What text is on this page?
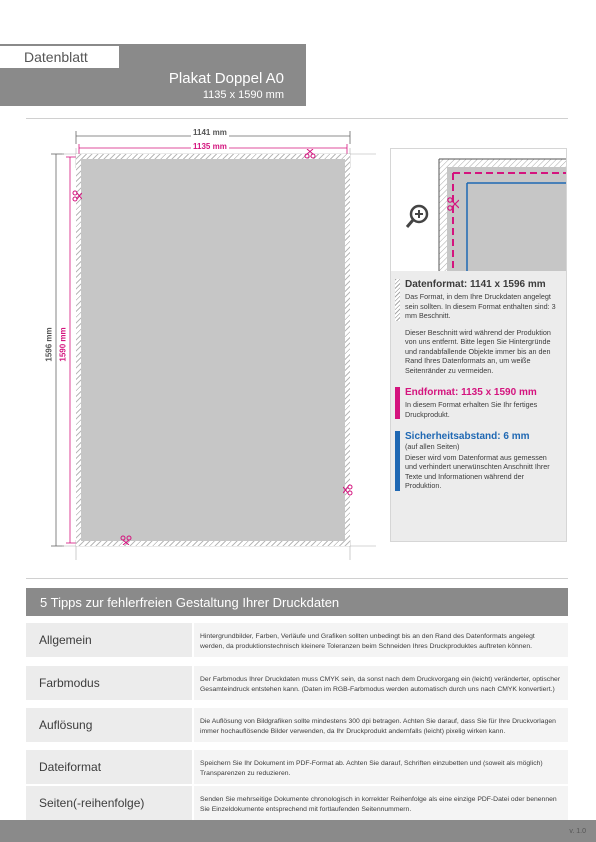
Datenblatt
Plakat Doppel A0
1135 x 1590 mm
1141 mm
1135 mm
1596 mm 1590 mm
Datenformat: 1141 x 1596 mm

Das Format, in dem Ihre Druckdaten angelegt sein sollten. In diesem Format enthalten sind: 3 mm Beschnitt.

Dieser Beschnitt wird während der Produktion von uns entfernt. Bitte legen Sie Hintergründe und randabfallende Objekte immer bis an den Rand Ihres Datenformats an, um weiße Seitenränder zu vermeiden.

Endformat: 1135 x 1590 mm

In diesem Format erhalten Sie Ihr fertiges Druckprodukt.

Sicherheitsabstand: 6 mm

(auf allen Seiten)

Dieser wird vom Datenformat aus gemessen und verhindert unerwünschten Anschnitt Ihrer Texte und Informationen während der Produktion.

5 Tipps zur fehlerfreien Gestaltung Ihrer Druckdaten
Allgemein	Hintergrundbilder, Farben, Verläufe und Grafiken sollten unbedingt bis an den Rand des Datenformats angelegt werden, da produktionstechnisch kleinere Toleranzen beim Schneiden Ihres Druckproduktes auftreten können.
Farbmodus	Der Farbmodus Ihrer Druckdaten muss CMYK sein, da sonst nach dem Druckvorgang ein (leicht) veränderter, optischer Gesamteindruck entstehen kann. (Daten im RGB-Farbmodus werden automatisch durch uns nach CMYK konvertiert.)
Auflösung	Die Auflösung von Bildgrafiken sollte mindestens 300 dpi betragen. Achten Sie darauf, dass Sie für Ihre Druckvorlagen immer hochauflösende Bilder verwenden, da Ihr Druckprodukt andernfalls (leicht) pixelig wirken kann.
Dateiformat	Speichern Sie Ihr Dokument im PDF-Format ab. Achten Sie darauf, Schriften einzubetten und (soweit als möglich) Transparenzen zu reduzieren.
Seiten(-reihenfolge)	Senden Sie mehrseitige Dokumente chronologisch in korrekter Reihenfolge als eine einzige PDF-Datei oder benennen Sie Einzeldokumente entsprechend mit fortlaufenden Seitennummern.
v. 1.0
